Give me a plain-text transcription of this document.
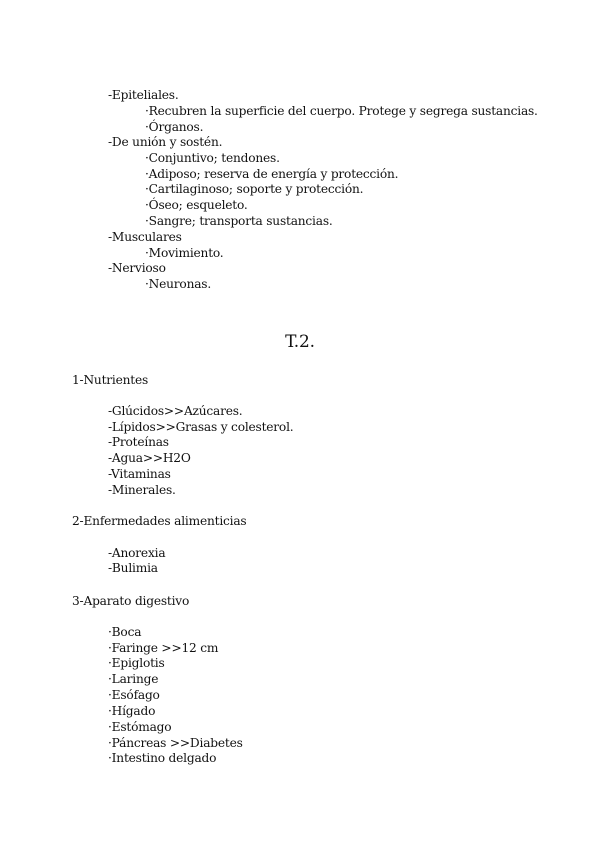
-Epiteliales.
·Recubren la superficie del cuerpo. Protege y segrega sustancias.
·Órganos.
-De unión y sostén.
·Conjuntivo; tendones.
·Adiposo; reserva de energía y protección.
·Cartilaginoso; soporte y protección.
·Óseo; esqueleto.
·Sangre; transporta sustancias.
-Musculares
·Movimiento.
-Nervioso
·Neuronas.
T.2.
1-Nutrientes
-Glúcidos>>Azúcares.
-Lípidos>>Grasas y colesterol.
-Proteínas
-Agua>>H2O
-Vitaminas
-Minerales.
2-Enfermedades alimenticias
-Anorexia
-Bulimia
3-Aparato digestivo
·Boca
·Faringe >>12 cm
·Epiglotis
·Laringe
·Esófago
·Hígado
·Estómago
·Páncreas >>Diabetes
·Intestino delgado
